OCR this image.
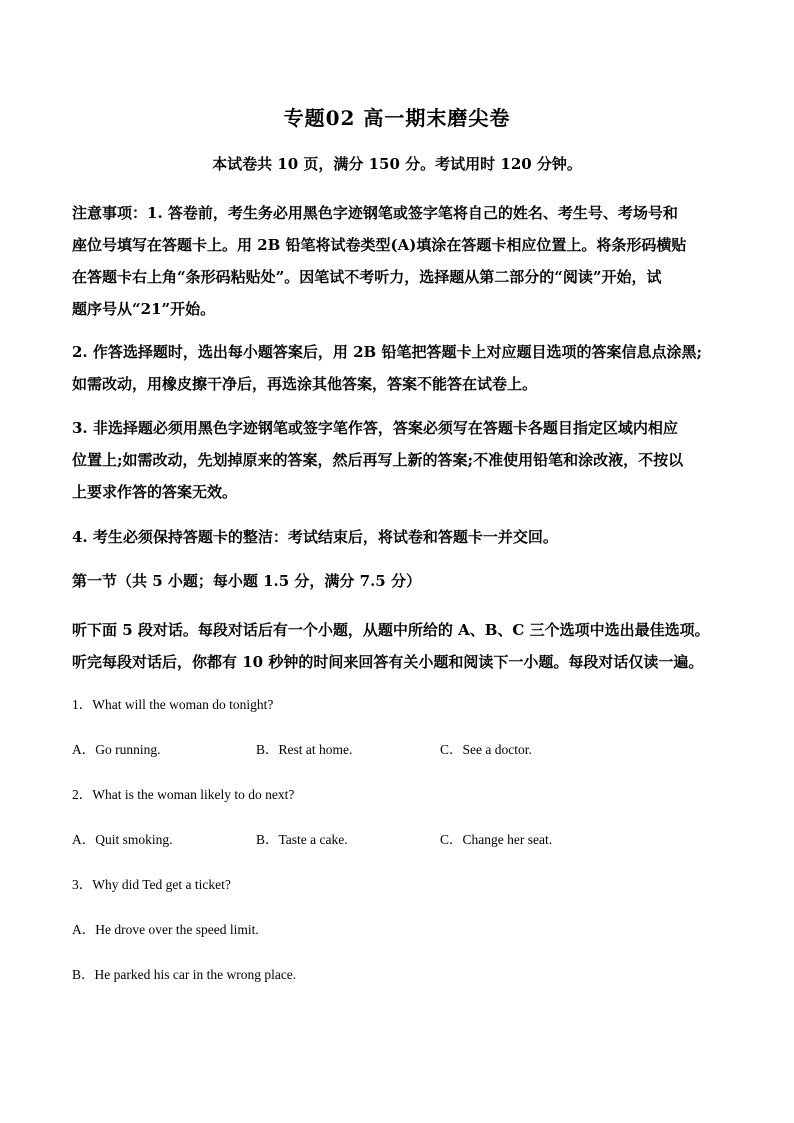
专题02 高一期末磨尖卷
本试卷共 10 页，满分 150 分。考试用时 120 分钟。
注意事项：1. 答卷前，考生务必用黑色字迹钢笔或签字笔将自己的姓名、考生号、考场号和
座位号填写在答题卡上。用 2B 铅笔将试卷类型(A)填涂在答题卡相应位置上。将条形码横贴
在答题卡右上角“条形码粘贴处”。因笔试不考听力，选择题从第二部分的“阅读”开始，试
题序号从“21”开始。
2. 作答选择题时，选出每小题答案后，用 2B 铅笔把答题卡上对应题目选项的答案信息点涂黑;
如需改动，用橡皮擦干净后，再选涂其他答案，答案不能答在试卷上。
3. 非选择题必须用黑色字迹钢笔或签字笔作答，答案必须写在答题卡各题目指定区域内相应
位置上;如需改动，先划掉原来的答案，然后再写上新的答案;不准使用铅笔和涂改液，不按以
上要求作答的答案无效。
4. 考生必须保持答题卡的整洁：考试结束后，将试卷和答题卡一并交回。
第一节（共 5 小题；每小题 1.5 分，满分 7.5 分）
听下面 5 段对话。每段对话后有一个小题，从题中所给的 A、B、C 三个选项中选出最佳选项。
听完每段对话后，你都有 10 秒钟的时间来回答有关小题和阅读下一小题。每段对话仅读一遍。
1．What will the woman do tonight?
A．Go running.	B．Rest at home.	C．See a doctor.
2．What is the woman likely to do next?
A．Quit smoking.	B．Taste a cake.	C．Change her seat.
3．Why did Ted get a ticket?
A．He drove over the speed limit.
B．He parked his car in the wrong place.
